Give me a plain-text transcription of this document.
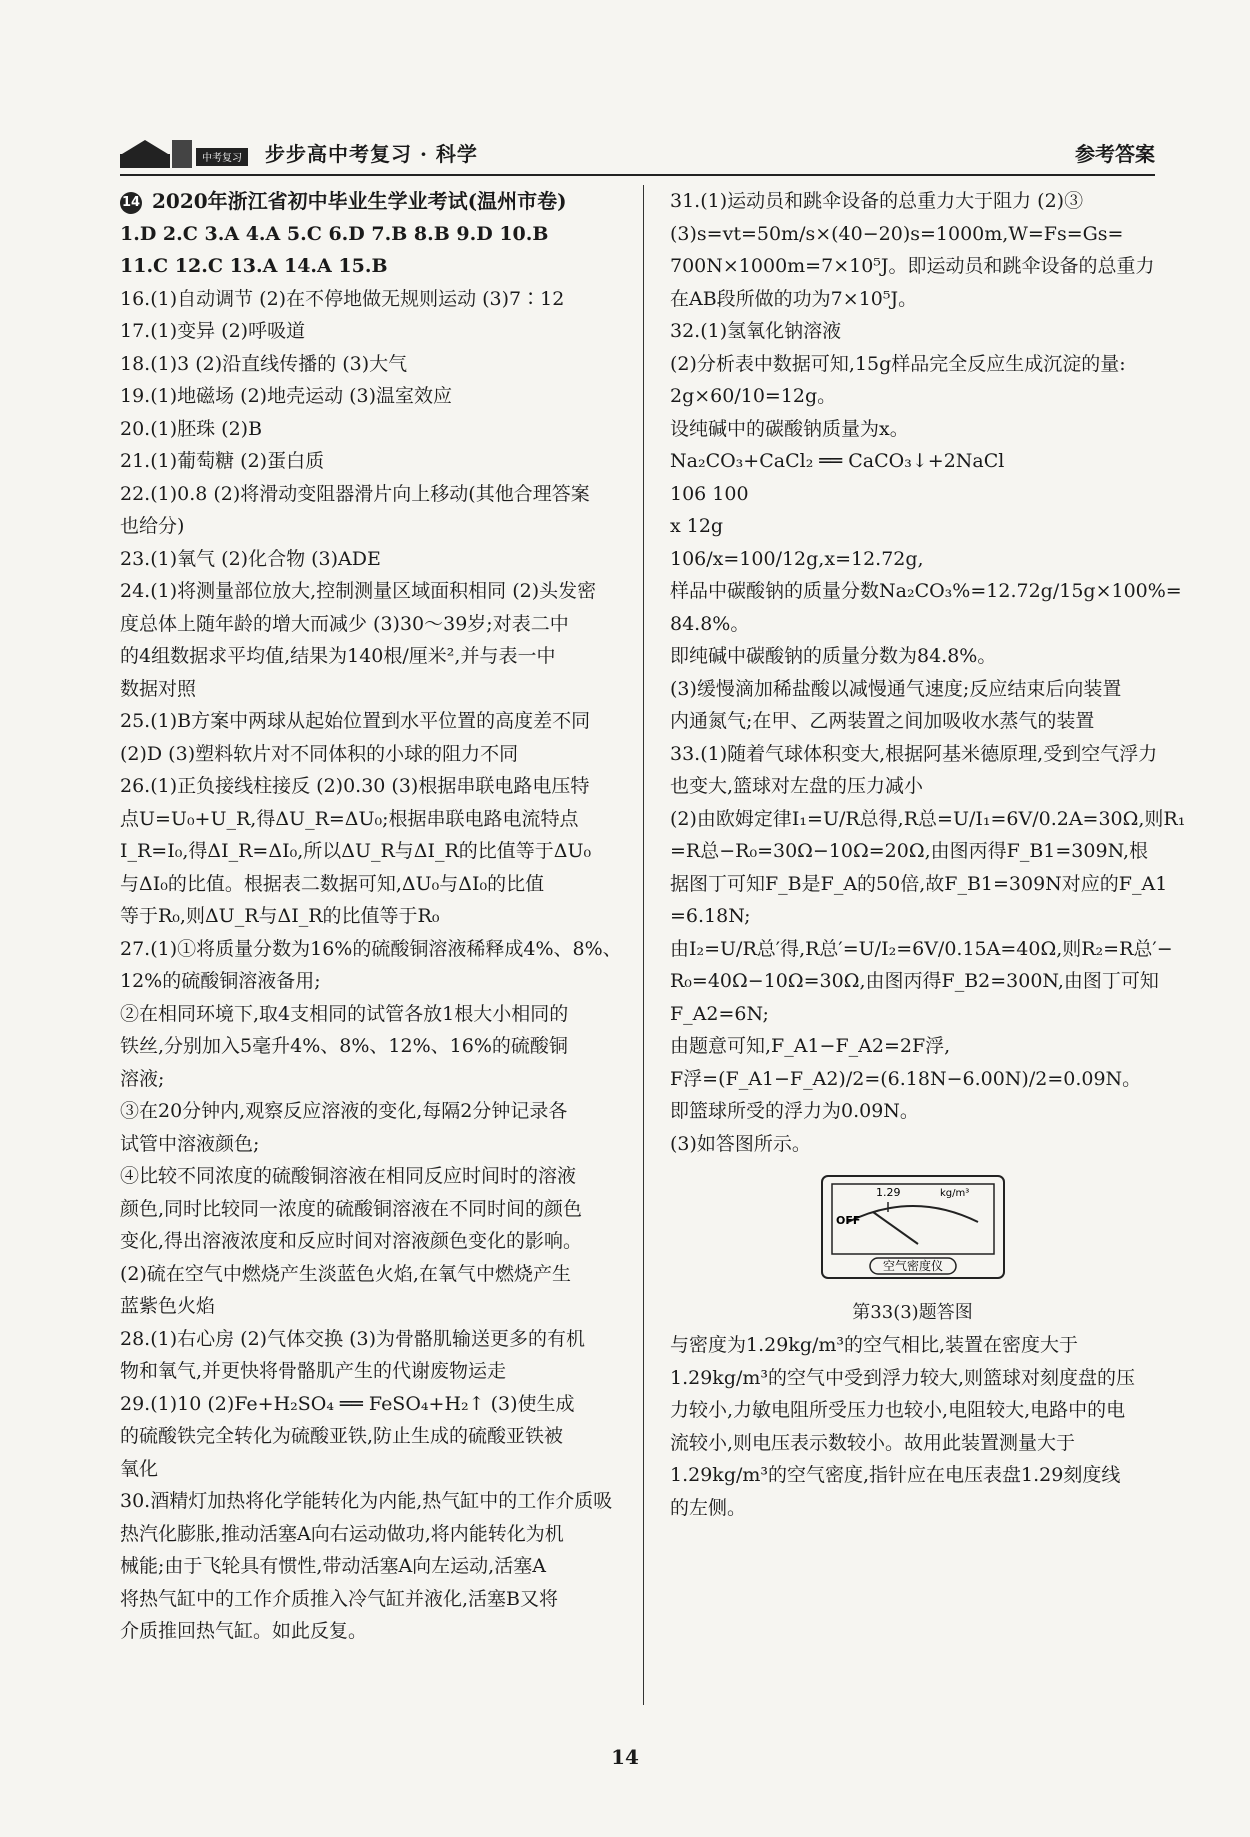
中考复习 步步高中考复习 · 科学	参考答案
14 2020年浙江省初中毕业生学业考试(温州市卷)
1.D 2.C 3.A 4.A 5.C 6.D 7.B 8.B 9.D 10.B
11.C 12.C 13.A 14.A 15.B
16.(1)自动调节 (2)在不停地做无规则运动 (3)7∶12
17.(1)变异 (2)呼吸道
18.(1)3 (2)沿直线传播的 (3)大气
19.(1)地磁场 (2)地壳运动 (3)温室效应
20.(1)胚珠 (2)B
21.(1)葡萄糖 (2)蛋白质
22.(1)0.8 (2)将滑动变阻器滑片向上移动(其他合理答案
也给分)
23.(1)氧气 (2)化合物 (3)ADE
24.(1)将测量部位放大,控制测量区域面积相同 (2)头发密
度总体上随年龄的增大而减少 (3)30～39岁;对表二中
的4组数据求平均值,结果为140根/厘米²,并与表一中
数据对照
25.(1)B方案中两球从起始位置到水平位置的高度差不同
(2)D (3)塑料软片对不同体积的小球的阻力不同
26.(1)正负接线柱接反 (2)0.30 (3)根据串联电路电压特
点U=U₀+U_R,得ΔU_R=ΔU₀;根据串联电路电流特点
I_R=I₀,得ΔI_R=ΔI₀,所以ΔU_R与ΔI_R的比值等于ΔU₀
与ΔI₀的比值。根据表二数据可知,ΔU₀与ΔI₀的比值
等于R₀,则ΔU_R与ΔI_R的比值等于R₀
27.(1)①将质量分数为16%的硫酸铜溶液稀释成4%、8%、
12%的硫酸铜溶液备用;
②在相同环境下,取4支相同的试管各放1根大小相同的
铁丝,分别加入5毫升4%、8%、12%、16%的硫酸铜
溶液;
③在20分钟内,观察反应溶液的变化,每隔2分钟记录各
试管中溶液颜色;
④比较不同浓度的硫酸铜溶液在相同反应时间时的溶液
颜色,同时比较同一浓度的硫酸铜溶液在不同时间的颜色
变化,得出溶液浓度和反应时间对溶液颜色变化的影响。
(2)硫在空气中燃烧产生淡蓝色火焰,在氧气中燃烧产生
蓝紫色火焰
28.(1)右心房 (2)气体交换 (3)为骨骼肌输送更多的有机
物和氧气,并更快将骨骼肌产生的代谢废物运走
29.(1)10 (2)Fe+H₂SO₄ ══ FeSO₄+H₂↑ (3)使生成
的硫酸铁完全转化为硫酸亚铁,防止生成的硫酸亚铁被
氧化
30.酒精灯加热将化学能转化为内能,热气缸中的工作介质吸
热汽化膨胀,推动活塞A向右运动做功,将内能转化为机
械能;由于飞轮具有惯性,带动活塞A向左运动,活塞A
将热气缸中的工作介质推入冷气缸并液化,活塞B又将
介质推回热气缸。如此反复。
31.(1)运动员和跳伞设备的总重力大于阻力 (2)③
(3)s=vt=50m/s×(40−20)s=1000m,W=Fs=Gs=
700N×1000m=7×10⁵J。即运动员和跳伞设备的总重力
在AB段所做的功为7×10⁵J。
32.(1)氢氧化钠溶液
(2)分析表中数据可知,15g样品完全反应生成沉淀的量:
2g×60/10=12g。
设纯碱中的碳酸钠质量为x。
Na₂CO₃+CaCl₂ ══ CaCO₃↓+2NaCl
106 100
x 12g
106/x=100/12g,x=12.72g,
样品中碳酸钠的质量分数Na₂CO₃%=12.72g/15g×100%=
84.8%。
即纯碱中碳酸钠的质量分数为84.8%。
(3)缓慢滴加稀盐酸以减慢通气速度;反应结束后向装置
内通氮气;在甲、乙两装置之间加吸收水蒸气的装置
33.(1)随着气球体积变大,根据阿基米德原理,受到空气浮力
也变大,篮球对左盘的压力减小
(2)由欧姆定律I₁=U/R总得,R总=U/I₁=6V/0.2A=30Ω,则R₁
=R总−R₀=30Ω−10Ω=20Ω,由图丙得F_B1=309N,根
据图丁可知F_B是F_A的50倍,故F_B1=309N对应的F_A1
=6.18N;
由I₂=U/R总′得,R总′=U/I₂=6V/0.15A=40Ω,则R₂=R总′−
R₀=40Ω−10Ω=30Ω,由图丙得F_B2=300N,由图丁可知
F_A2=6N;
由题意可知,F_A1−F_A2=2F浮,
F浮=(F_A1−F_A2)/2=(6.18N−6.00N)/2=0.09N。
即篮球所受的浮力为0.09N。
(3)如答图所示。
1.29	kg/m³
OFF
空气密度仪
第33(3)题答图
与密度为1.29kg/m³的空气相比,装置在密度大于
1.29kg/m³的空气中受到浮力较大,则篮球对刻度盘的压
力较小,力敏电阻所受压力也较小,电阻较大,电路中的电
流较小,则电压表示数较小。故用此装置测量大于
1.29kg/m³的空气密度,指针应在电压表盘1.29刻度线
的左侧。
14
